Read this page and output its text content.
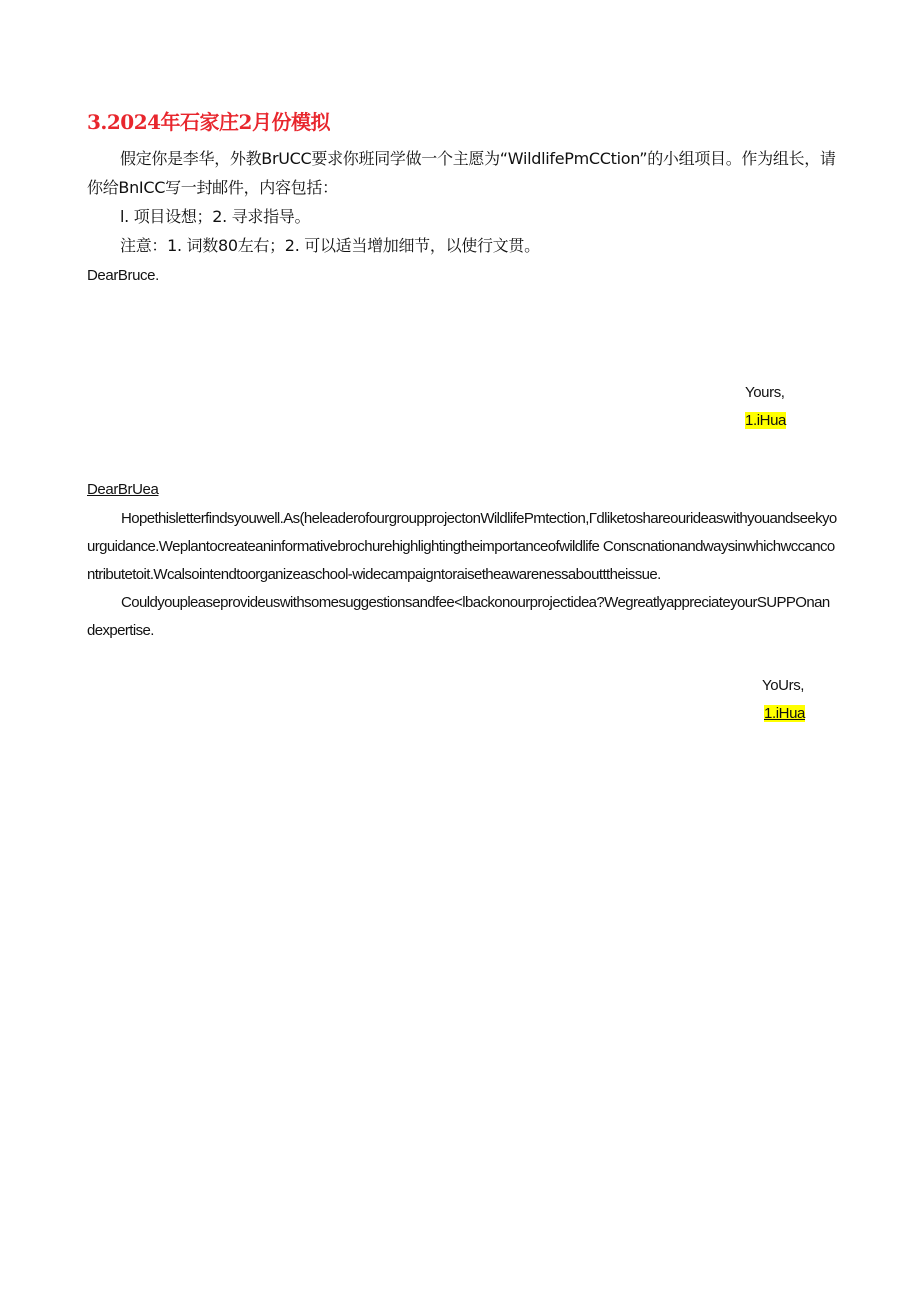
3.2024年石家庄2月份模拟

假定你是李华，外教BrUCC要求你班同学做一个主愿为“WildlifePmCCtion”的小组项目。作为组长，请你给BnICC写一封邮件，内容包括：

l. 项目设想；2. 寻求指导。

注意：1. 词数80左右；2. 可以适当增加细节，以使行文贯。

DearBruce.
Yours,
1.iHua
DearBrUea

Hopethisletterfindsyouwell.As(heleaderofourgroupprojectonWildlifePmtection,Γdliketoshareourideaswithyouandseekyourguidance.Weplantocreateaninformativebrochurehighlightingtheimportanceofwildlife Conscnationandwaysinwhichwccancontributetoit.Wcalsointendtoorganizeaschool-widecampaigntoraisetheawarenessaboutttheissue.

Couldyoupleaseprovideuswithsomesuggestionsandfee<lbackonourprojectidea?WegreatlyappreciateyourSUPPOnandexpertise.

YoUrs,
1.iHua
